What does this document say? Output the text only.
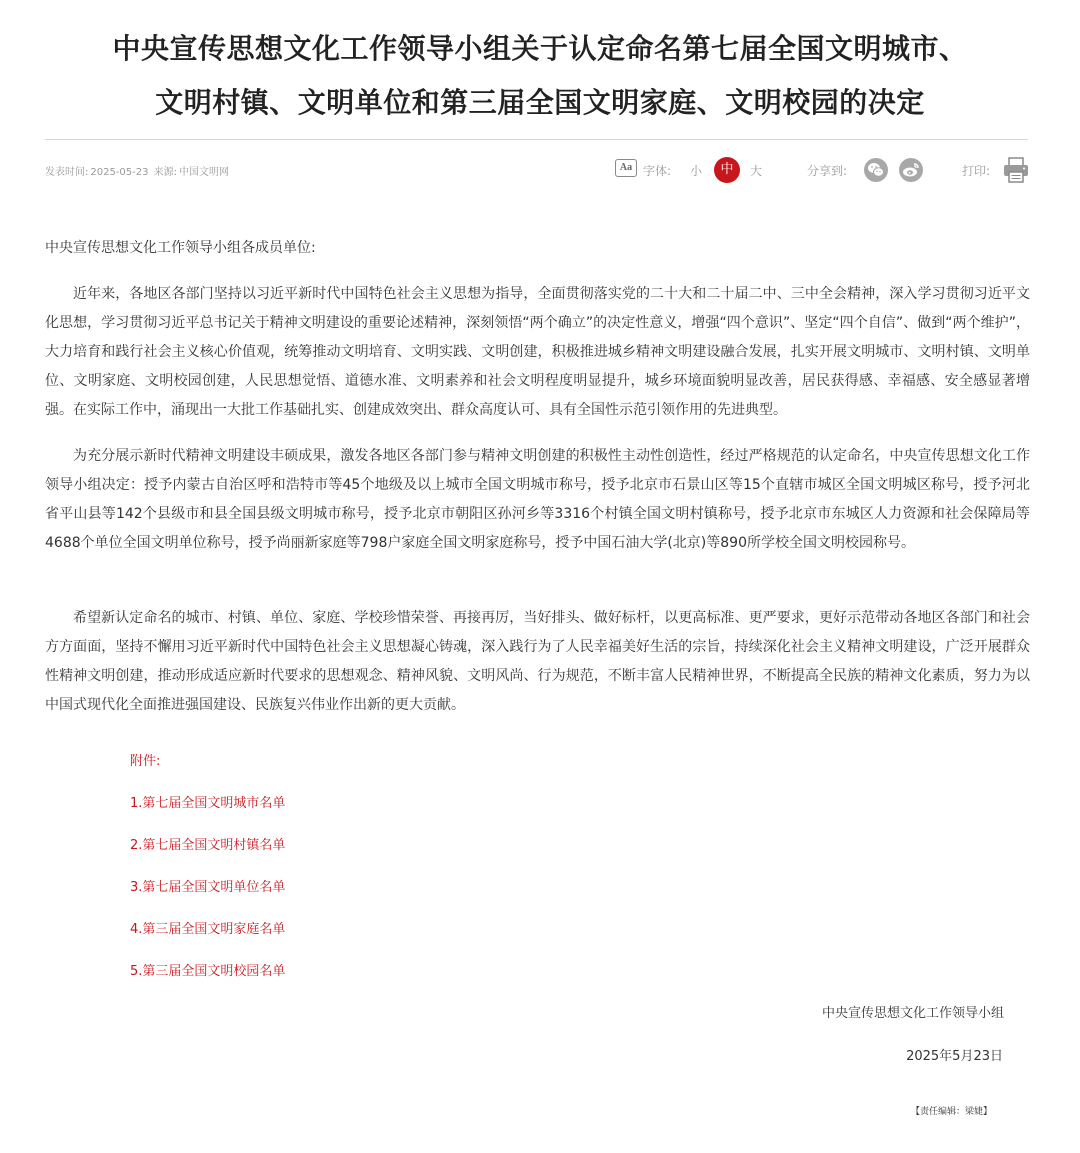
中央宣传思想文化工作领导小组关于认定命名第七届全国文明城市、
文明村镇、文明单位和第三届全国文明家庭、文明校园的决定
发表时间: 2025-05-23 来源: 中国文明网	Aa 字体: 小	中	大	分享到:	打印:
中央宣传思想文化工作领导小组各成员单位:

近年来，各地区各部门坚持以习近平新时代中国特色社会主义思想为指导，全面贯彻落实党的二十大和二十届二中、三中全会精神，深入学习贯彻习近平文化思想，学习贯彻习近平总书记关于精神文明建设的重要论述精神，深刻领悟“两个确立”的决定性意义，增强“四个意识”、坚定“四个自信”、做到“两个维护”，大力培育和践行社会主义核心价值观，统筹推动文明培育、文明实践、文明创建，积极推进城乡精神文明建设融合发展，扎实开展文明城市、文明村镇、文明单位、文明家庭、文明校园创建，人民思想觉悟、道德水准、文明素养和社会文明程度明显提升，城乡环境面貌明显改善，居民获得感、幸福感、安全感显著增强。在实际工作中，涌现出一大批工作基础扎实、创建成效突出、群众高度认可、具有全国性示范引领作用的先进典型。

为充分展示新时代精神文明建设丰硕成果，激发各地区各部门参与精神文明创建的积极性主动性创造性，经过严格规范的认定命名，中央宣传思想文化工作领导小组决定：授予内蒙古自治区呼和浩特市等45个地级及以上城市全国文明城市称号，授予北京市石景山区等15个直辖市城区全国文明城区称号，授予河北省平山县等142个县级市和县全国县级文明城市称号，授予北京市朝阳区孙河乡等3316个村镇全国文明村镇称号，授予北京市东城区人力资源和社会保障局等4688个单位全国文明单位称号，授予尚丽新家庭等798户家庭全国文明家庭称号，授予中国石油大学(北京)等890所学校全国文明校园称号。

希望新认定命名的城市、村镇、单位、家庭、学校珍惜荣誉、再接再厉，当好排头、做好标杆，以更高标准、更严要求，更好示范带动各地区各部门和社会方方面面，坚持不懈用习近平新时代中国特色社会主义思想凝心铸魂，深入践行为了人民幸福美好生活的宗旨，持续深化社会主义精神文明建设，广泛开展群众性精神文明创建，推动形成适应新时代要求的思想观念、精神风貌、文明风尚、行为规范，不断丰富人民精神世界，不断提高全民族的精神文化素质，努力为以中国式现代化全面推进强国建设、民族复兴伟业作出新的更大贡献。

附件:
1.第七届全国文明城市名单
2.第七届全国文明村镇名单
3.第七届全国文明单位名单
4.第三届全国文明家庭名单
5.第三届全国文明校园名单
中央宣传思想文化工作领导小组
2025年5月23日
【责任编辑：梁婕】
